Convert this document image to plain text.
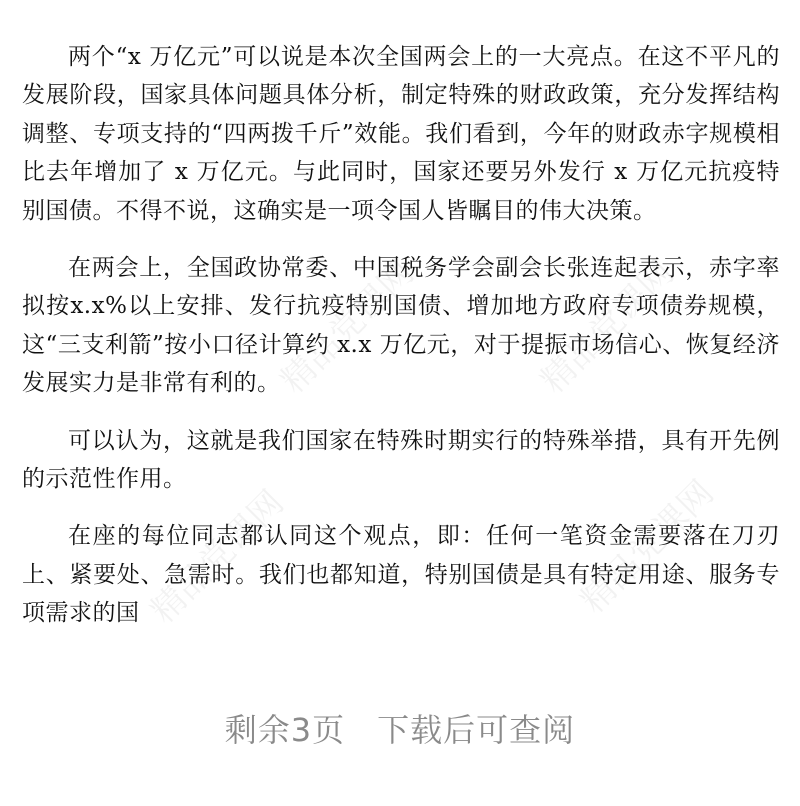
精品党课网
精品党课网	精品党课网
精品党课网

两个“x 万亿元”可以说是本次全国两会上的一大亮点。在这不平凡的发展阶段，国家具体问题具体分析，制定特殊的财政政策，充分发挥结构调整、专项支持的“四两拨千斤”效能。我们看到，今年的财政赤字规模相比去年增加了 x 万亿元。与此同时，国家还要另外发行 x 万亿元抗疫特别国债。不得不说，这确实是一项令国人皆瞩目的伟大决策。

在两会上，全国政协常委、中国税务学会副会长张连起表示，赤字率拟按x.x%以上安排、发行抗疫特别国债、增加地方政府专项债券规模，这“三支利箭”按小口径计算约 x.x 万亿元，对于提振市场信心、恢复经济发展实力是非常有利的。

可以认为，这就是我们国家在特殊时期实行的特殊举措，具有开先例的示范性作用。

在座的每位同志都认同这个观点，即：任何一笔资金需要落在刀刃上、紧要处、急需时。我们也都知道，特别国债是具有特定用途、服务专项需求的国

剩余3页 下载后可查阅
